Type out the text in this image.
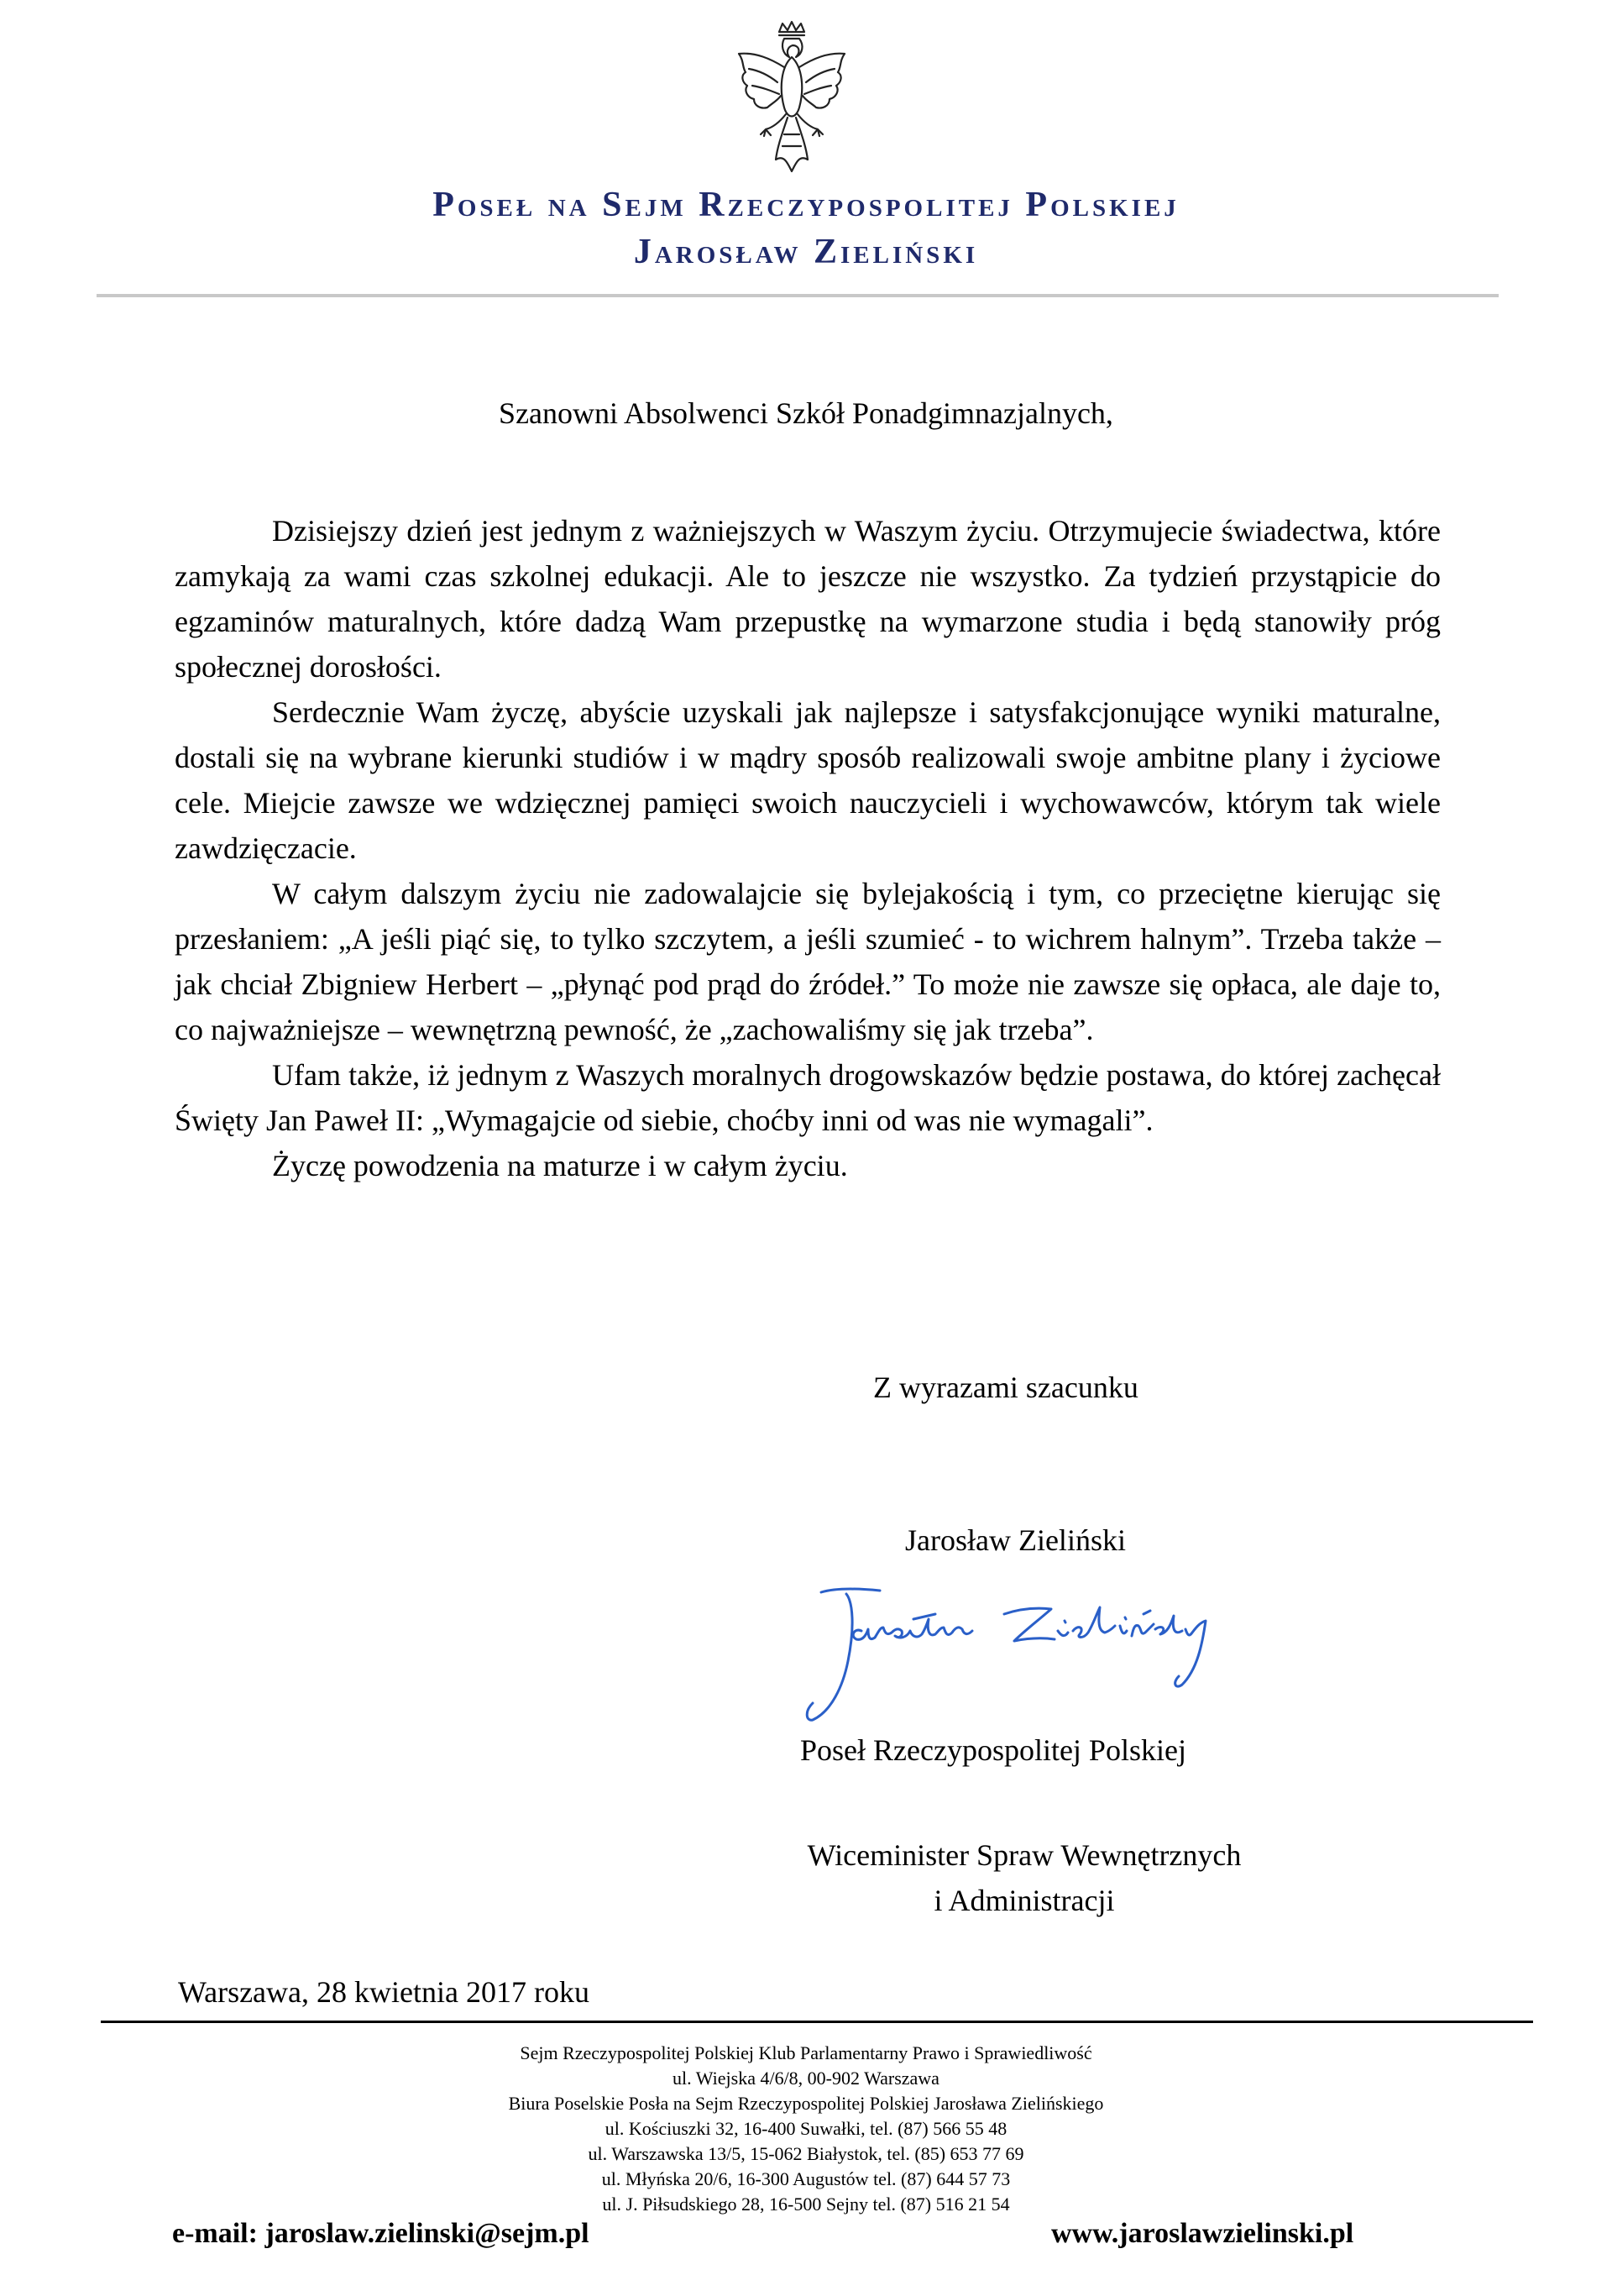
Poseł na Sejm Rzeczypospolitej Polskiej
Jarosław Zieliński
Szanowni Absolwenci Szkół Ponadgimnazjalnych,

Dzisiejszy dzień jest jednym z ważniejszych w Waszym życiu. Otrzymujecie świadectwa, które zamykają za wami czas szkolnej edukacji. Ale to jeszcze nie wszystko. Za tydzień przystąpicie do egzaminów maturalnych, które dadzą Wam przepustkę na wymarzone studia i będą stanowiły próg społecznej dorosłości.

Serdecznie Wam życzę, abyście uzyskali jak najlepsze i satysfakcjonujące wyniki maturalne, dostali się na wybrane kierunki studiów i w mądry sposób realizowali swoje ambitne plany i życiowe cele. Miejcie zawsze we wdzięcznej pamięci swoich nauczycieli i wychowawców, którym tak wiele zawdzięczacie.

W całym dalszym życiu nie zadowalajcie się bylejakością i tym, co przeciętne kierując się przesłaniem: „A jeśli piąć się, to tylko szczytem, a jeśli szumieć - to wichrem halnym”. Trzeba także – jak chciał Zbigniew Herbert – „płynąć pod prąd do źródeł.” To może nie zawsze się opłaca, ale daje to, co najważniejsze – wewnętrzną pewność, że „zachowaliśmy się jak trzeba”.

Ufam także, iż jednym z Waszych moralnych drogowskazów będzie postawa, do której zachęcał Święty Jan Paweł II: „Wymagajcie od siebie, choćby inni od was nie wymagali”.

Życzę powodzenia na maturze i w całym życiu.

Z wyrazami szacunku
Jarosław Zieliński
Poseł Rzeczypospolitej Polskiej
Wiceminister Spraw Wewnętrznych
i Administracji
Warszawa, 28 kwietnia 2017 roku
Sejm Rzeczypospolitej Polskiej Klub Parlamentarny Prawo i Sprawiedliwość
ul. Wiejska 4/6/8, 00-902 Warszawa
Biura Poselskie Posła na Sejm Rzeczypospolitej Polskiej Jarosława Zielińskiego
ul. Kościuszki 32, 16-400 Suwałki, tel. (87) 566 55 48
ul. Warszawska 13/5, 15-062 Białystok, tel. (85) 653 77 69
ul. Młyńska 20/6, 16-300 Augustów tel. (87) 644 57 73
ul. J. Piłsudskiego 28, 16-500 Sejny tel. (87) 516 21 54
e-mail: jaroslaw.zielinski@sejm.pl	www.jaroslawzielinski.pl
